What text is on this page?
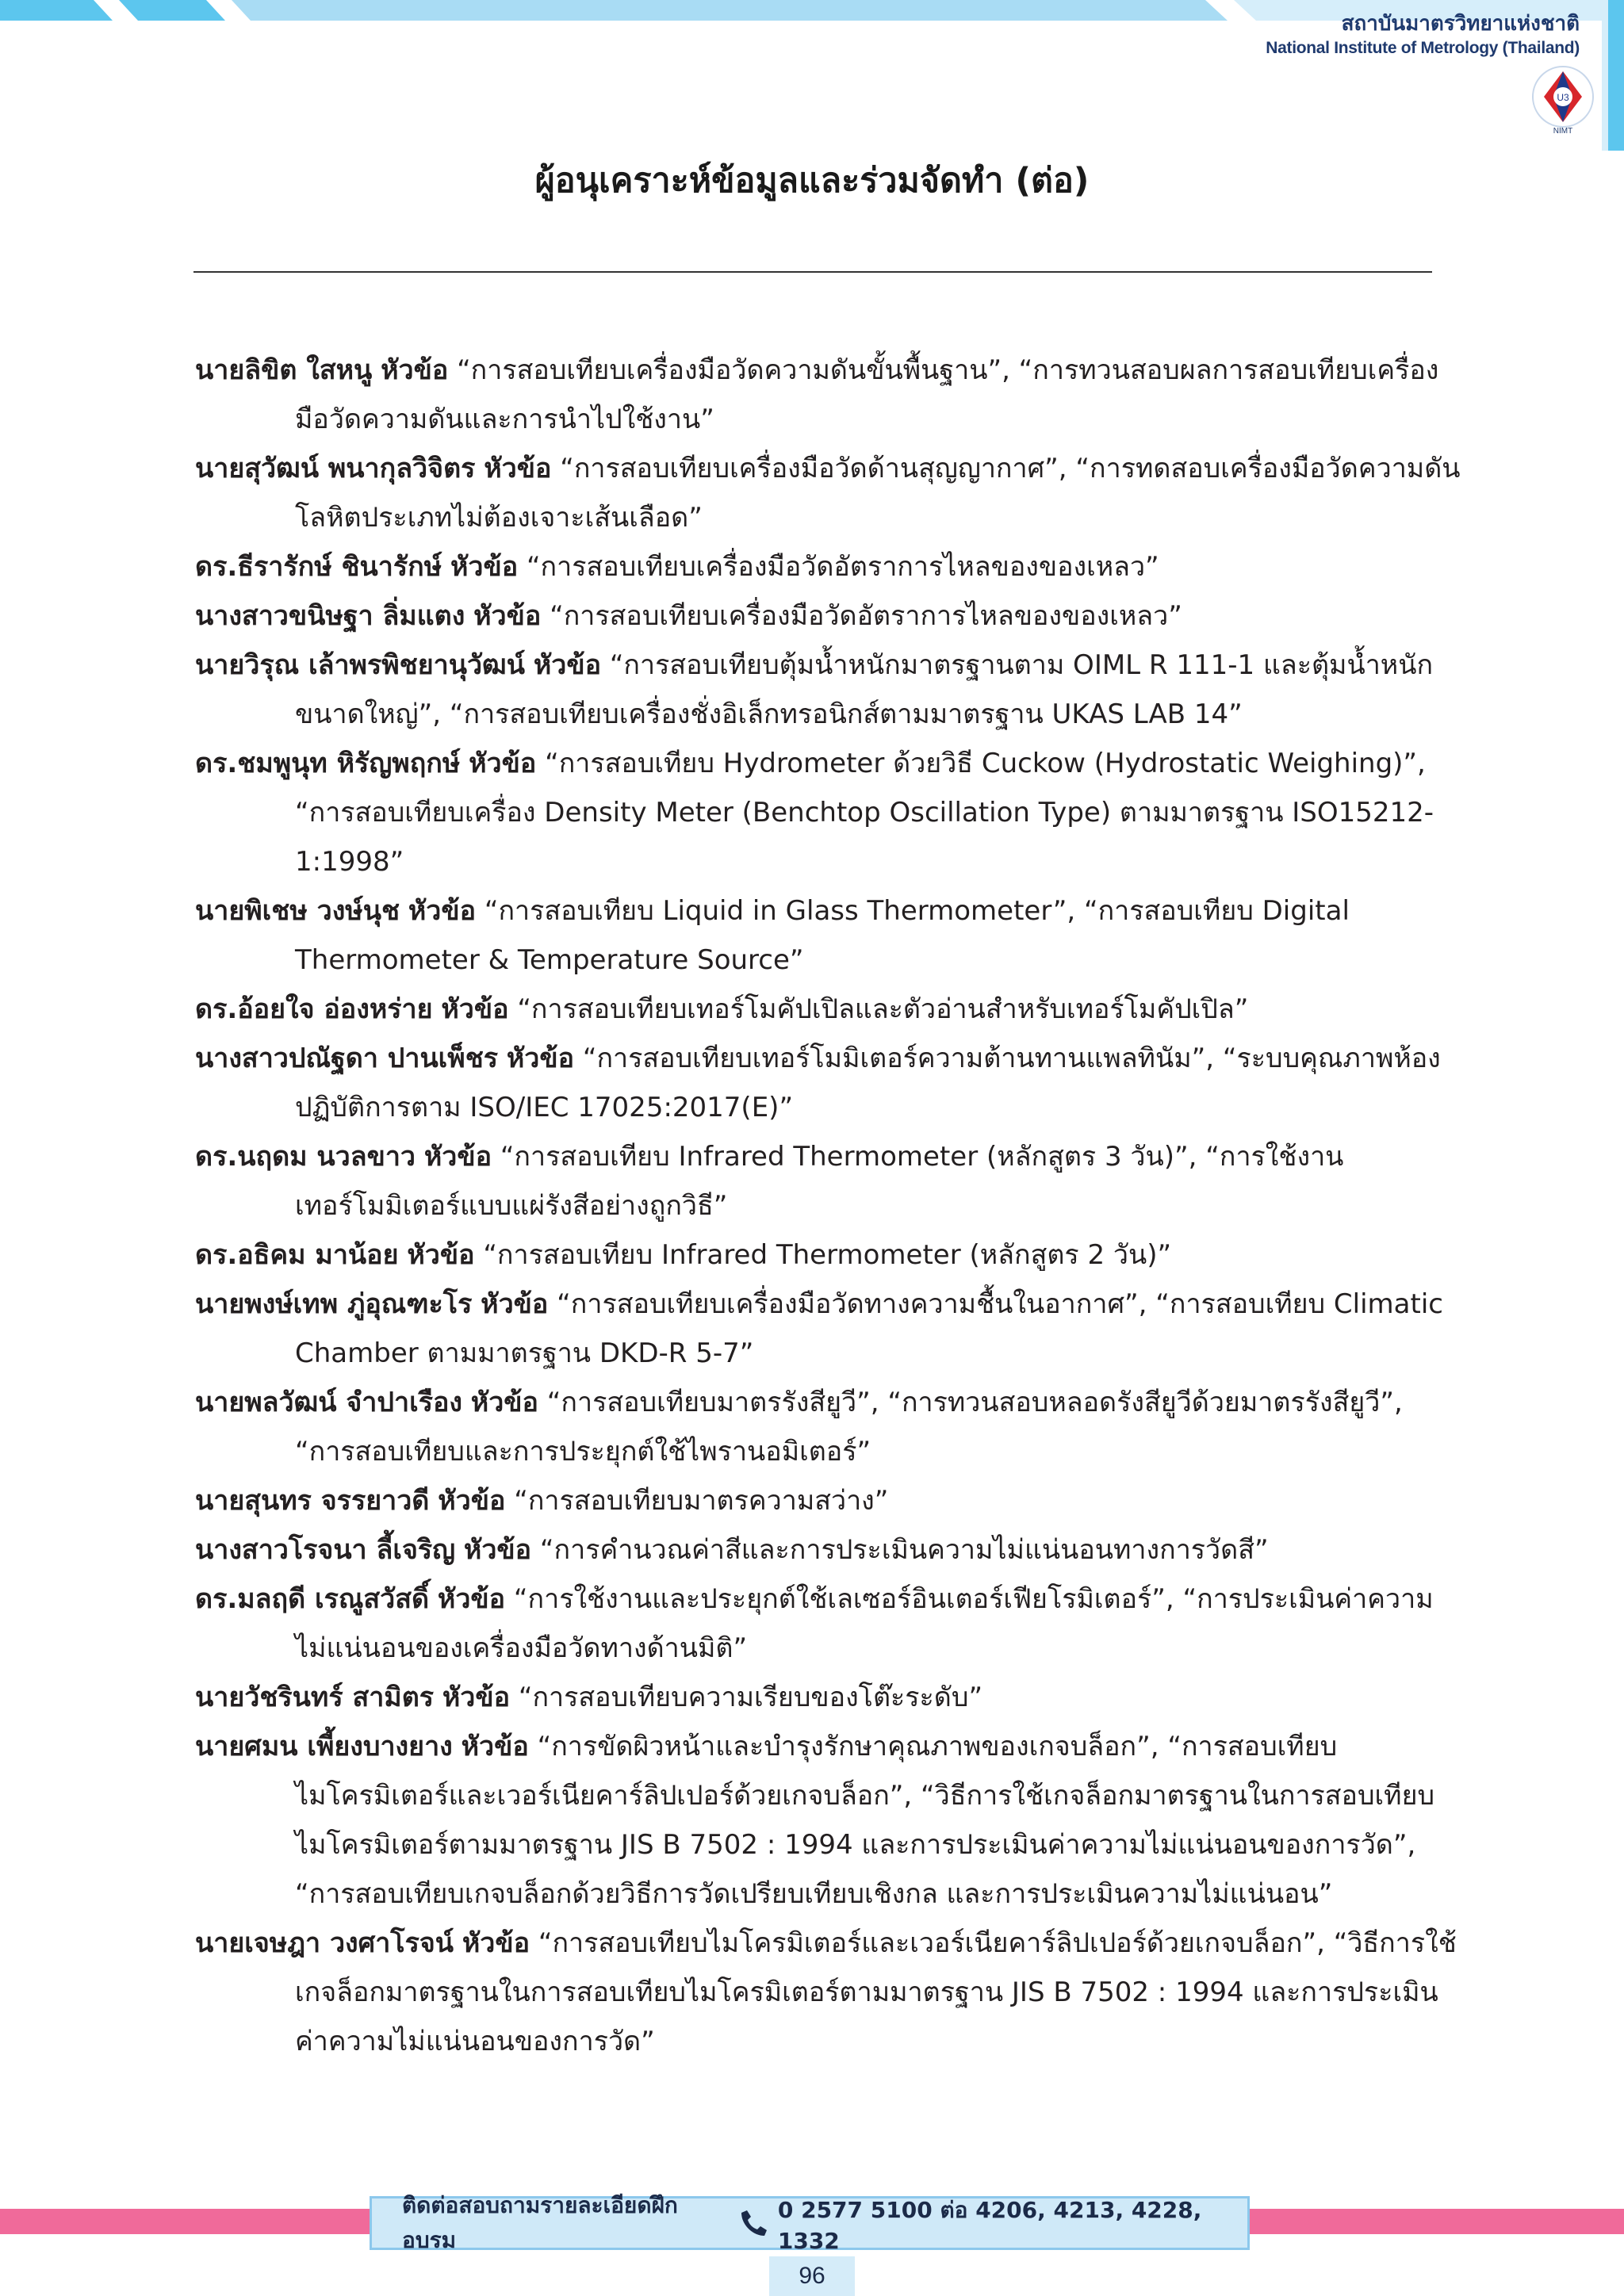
สถาบันมาตรวิทยาแห่งชาติ
National Institute of Metrology (Thailand)
U3
NIMT
ผู้อนุเคราะห์ข้อมูลและร่วมจัดทำ (ต่อ)

นายลิขิต ใสหนู หัวข้อ “การสอบเทียบเครื่องมือวัดความดันขั้นพื้นฐาน”, “การทวนสอบผลการสอบเทียบเครื่องมือวัดความดันและการนำไปใช้งาน”

นายสุวัฒน์ พนากุลวิจิตร หัวข้อ “การสอบเทียบเครื่องมือวัดด้านสุญญากาศ”, “การทดสอบเครื่องมือวัดความดันโลหิตประเภทไม่ต้องเจาะเส้นเลือด”

ดร.ธีรารักษ์ ชินารักษ์ หัวข้อ “การสอบเทียบเครื่องมือวัดอัตราการไหลของของเหลว”

นางสาวขนิษฐา ลิ่มแตง หัวข้อ “การสอบเทียบเครื่องมือวัดอัตราการไหลของของเหลว”

นายวิรุณ เล้าพรพิชยานุวัฒน์ หัวข้อ “การสอบเทียบตุ้มน้ำหนักมาตรฐานตาม OIML R 111-1 และตุ้มน้ำหนักขนาดใหญ่”, “การสอบเทียบเครื่องชั่งอิเล็กทรอนิกส์ตามมาตรฐาน UKAS LAB 14”

ดร.ชมพูนุท หิรัญพฤกษ์ หัวข้อ “การสอบเทียบ Hydrometer ด้วยวิธี Cuckow (Hydrostatic Weighing)”, “การสอบเทียบเครื่อง Density Meter (Benchtop Oscillation Type) ตามมาตรฐาน ISO15212-1:1998”

นายพิเชษ วงษ์นุช หัวข้อ “การสอบเทียบ Liquid in Glass Thermometer”, “การสอบเทียบ Digital Thermometer & Temperature Source”

ดร.อ้อยใจ อ่องหร่าย หัวข้อ “การสอบเทียบเทอร์โมคัปเปิลและตัวอ่านสำหรับเทอร์โมคัปเปิล”

นางสาวปณัฐดา ปานเพ็ชร หัวข้อ “การสอบเทียบเทอร์โมมิเตอร์ความต้านทานแพลทินัม”, “ระบบคุณภาพห้องปฏิบัติการตาม ISO/IEC 17025:2017(E)”

ดร.นฤดม นวลขาว หัวข้อ “การสอบเทียบ Infrared Thermometer (หลักสูตร 3 วัน)”, “การใช้งานเทอร์โมมิเตอร์แบบแผ่รังสีอย่างถูกวิธี”

ดร.อธิคม มาน้อย หัวข้อ “การสอบเทียบ Infrared Thermometer (หลักสูตร 2 วัน)”

นายพงษ์เทพ ภู่อุณฑะโร หัวข้อ “การสอบเทียบเครื่องมือวัดทางความชื้นในอากาศ”, “การสอบเทียบ Climatic Chamber ตามมาตรฐาน DKD-R 5-7”

นายพลวัฒน์ จำปาเรือง หัวข้อ “การสอบเทียบมาตรรังสียูวี”, “การทวนสอบหลอดรังสียูวีด้วยมาตรรังสียูวี”, “การสอบเทียบและการประยุกต์ใช้ไพรานอมิเตอร์”

นายสุนทร จรรยาวดี หัวข้อ “การสอบเทียบมาตรความสว่าง”

นางสาวโรจนา ลี้เจริญ หัวข้อ “การคำนวณค่าสีและการประเมินความไม่แน่นอนทางการวัดสี”

ดร.มลฤดี เรณูสวัสดิ์ หัวข้อ “การใช้งานและประยุกต์ใช้เลเซอร์อินเตอร์เฟียโรมิเตอร์”, “การประเมินค่าความไม่แน่นอนของเครื่องมือวัดทางด้านมิติ”

นายวัชรินทร์ สามิตร หัวข้อ “การสอบเทียบความเรียบของโต๊ะระดับ”

นายศมน เพี้ยงบางยาง หัวข้อ “การขัดผิวหน้าและบำรุงรักษาคุณภาพของเกจบล็อก”, “การสอบเทียบไมโครมิเตอร์และเวอร์เนียคาร์ลิปเปอร์ด้วยเกจบล็อก”, “วิธีการใช้เกจล็อกมาตรฐานในการสอบเทียบไมโครมิเตอร์ตามมาตรฐาน JIS B 7502 : 1994 และการประเมินค่าความไม่แน่นอนของการวัด”, “การสอบเทียบเกจบล็อกด้วยวิธีการวัดเปรียบเทียบเชิงกล และการประเมินความไม่แน่นอน”

นายเจษฎา วงศาโรจน์ หัวข้อ “การสอบเทียบไมโครมิเตอร์และเวอร์เนียคาร์ลิปเปอร์ด้วยเกจบล็อก”, “วิธีการใช้เกจล็อกมาตรฐานในการสอบเทียบไมโครมิเตอร์ตามมาตรฐาน JIS B 7502 : 1994 และการประเมินค่าความไม่แน่นอนของการวัด”

ติดต่อสอบถามรายละเอียดฝึกอบรม
0 2577 5100 ต่อ 4206, 4213, 4228, 1332
96
